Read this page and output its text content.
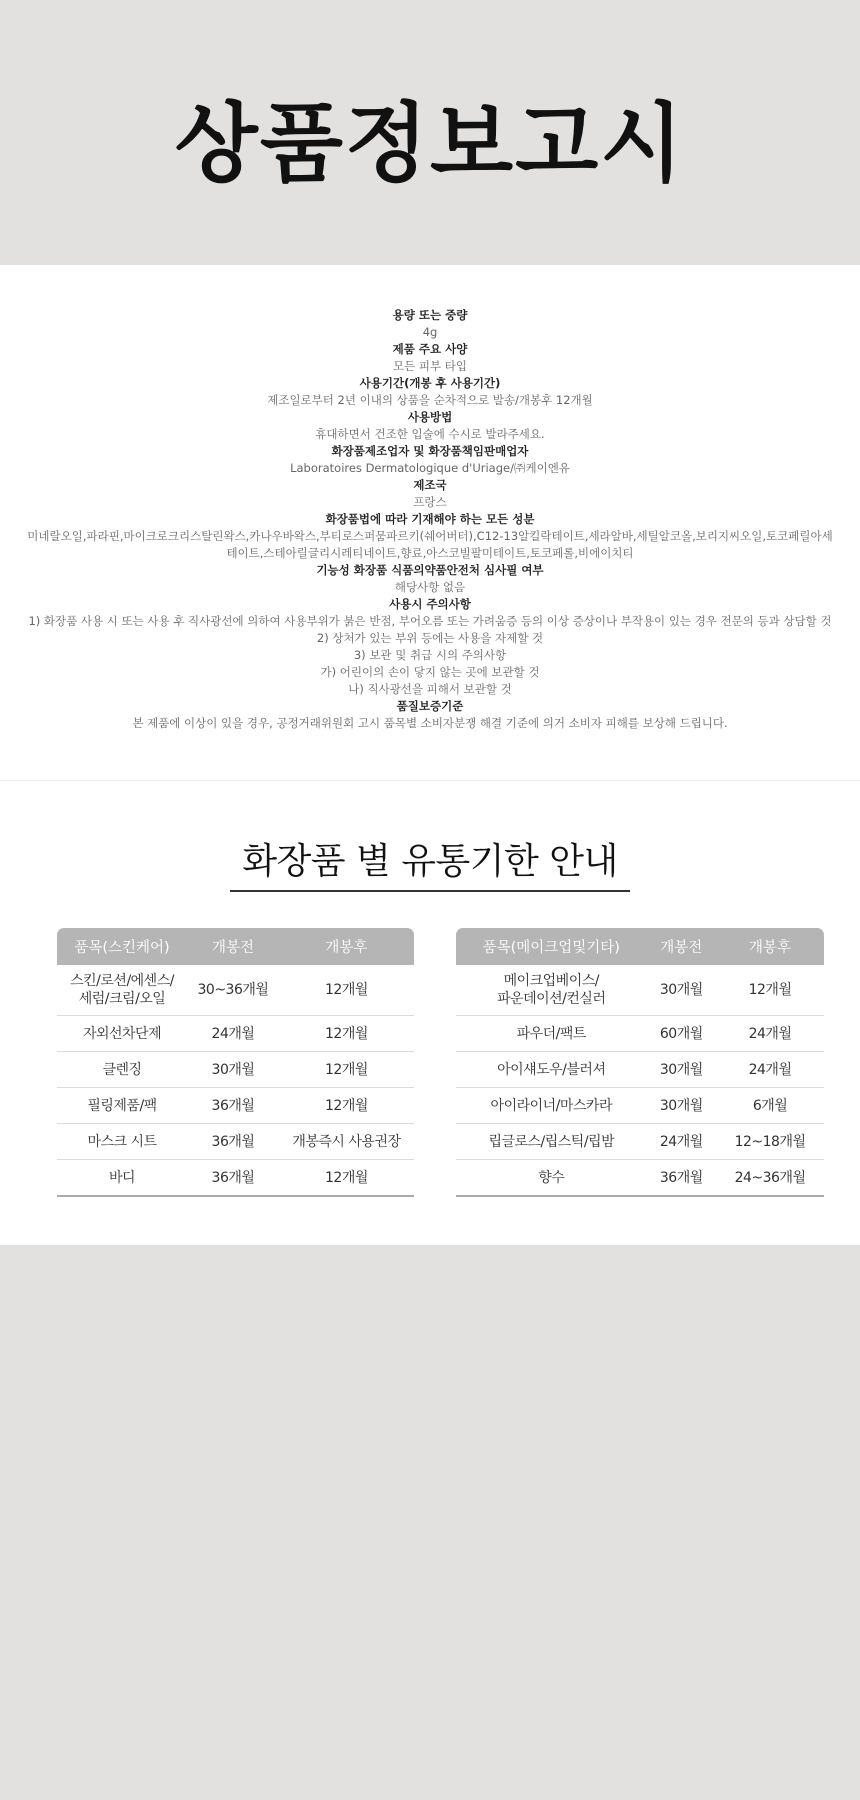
상품정보고시
용량 또는 중량
4g
제품 주요 사양
모든 피부 타입
사용기간(개봉 후 사용기간)
제조일로부터 2년 이내의 상품을 순차적으로 발송/개봉후 12개월
사용방법
휴대하면서 건조한 입술에 수시로 발라주세요.
화장품제조업자 및 화장품책임판매업자
Laboratoires Dermatologique d'Uriage/㈜케이엔유
제조국
프랑스
화장품법에 따라 기재해야 하는 모든 성분
미네랄오일,파라핀,마이크로크리스탈린왁스,카나우바왁스,부티로스퍼뭄파르키(쉐어버터),C12-13알킬락테이트,세라알바,세틸알코올,보리지씨오일,토코페릴아세테이트,스테아릴글리시레티네이트,향료,아스코빌팔미테이트,토코페롤,비에이치티
기능성 화장품 식품의약품안전처 심사필 여부
해당사항 없음
사용시 주의사항
1) 화장품 사용 시 또는 사용 후 직사광선에 의하여 사용부위가 붉은 반점, 부어오름 또는 가려움증 등의 이상 증상이나 부작용이 있는 경우 전문의 등과 상담할 것
2) 상처가 있는 부위 등에는 사용을 자제할 것
3) 보관 및 취급 시의 주의사항
가) 어린이의 손이 닿지 않는 곳에 보관할 것
나) 직사광선을 피해서 보관할 것
품질보증기준
본 제품에 이상이 있을 경우, 공정거래위원회 고시 품목별 소비자분쟁 해결 기준에 의거 소비자 피해를 보상해 드립니다.
화장품 별 유통기한 안내
품목(스킨케어)	개봉전	개봉후
스킨/로션/에센스/
세럼/크림/오일	30~36개월	12개월
자외선차단제	24개월	12개월
클렌징	30개월	12개월
필링제품/팩	36개월	12개월
마스크 시트	36개월	개봉즉시 사용권장
바디	36개월	12개월
품목(메이크업및기타)	개봉전	개봉후
메이크업베이스/
파운데이션/컨실러	30개월	12개월
파우더/팩트	60개월	24개월
아이섀도우/블러셔	30개월	24개월
아이라이너/마스카라	30개월	6개월
립글로스/립스틱/립밤	24개월	12~18개월
향수	36개월	24~36개월
